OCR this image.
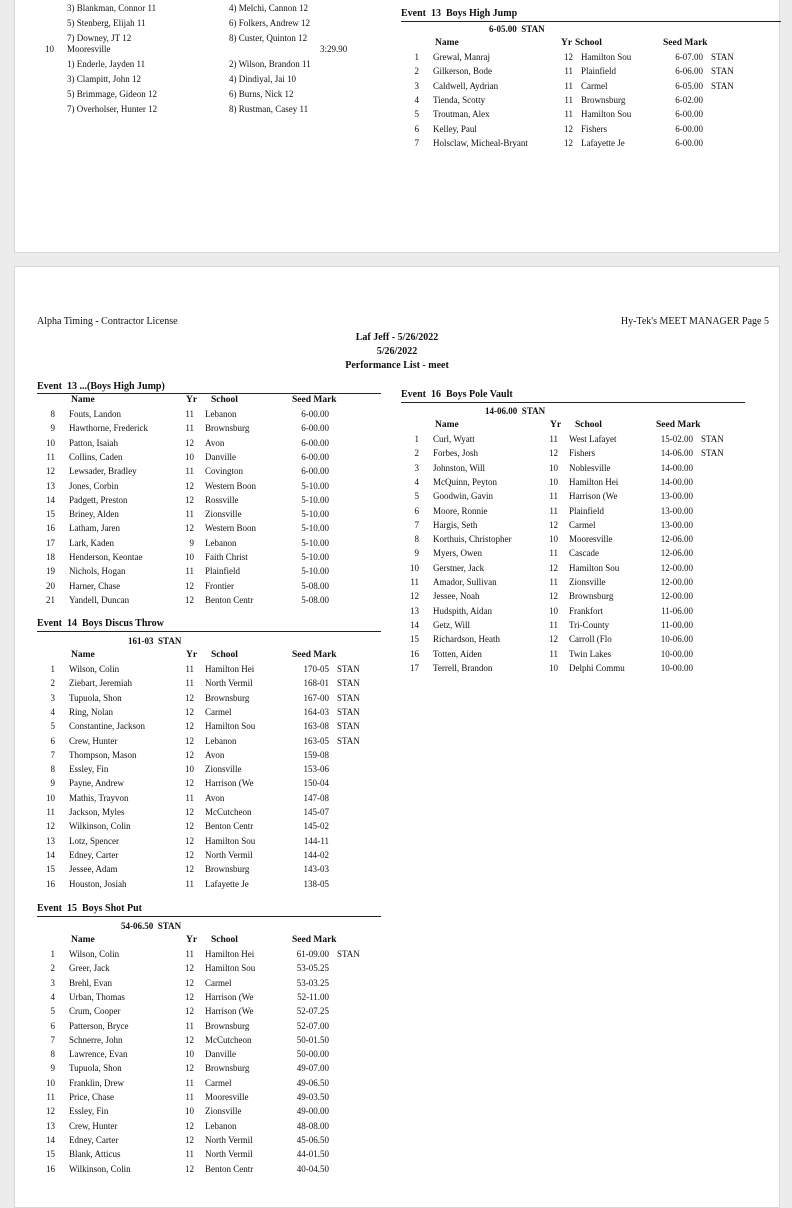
3) Blankman, Connor 11	4) Melchi, Cannon 12
5) Stenberg, Elijah 11	6) Folkers, Andrew 12
7) Downey, JT 12	8) Custer, Quinton 12
10 Mooresville	3:29.90
1) Enderle, Jayden 11	2) Wilson, Brandon 11
3) Clampitt, John 12	4) Dindiyal, Jai 10
5) Brimmage, Gideon 12	6) Burns, Nick 12
7) Overholser, Hunter 12	8) Rustman, Casey 11
Event  13 Boys High Jump
6-05.00 STAN
Name	Yr School	Seed Mark
1 Grewal, Manraj	12 Hamilton Sou	6-07.00 STAN
2 Gilkerson, Bode	11 Plainfield	6-06.00 STAN
3 Caldwell, Aydrian	11 Carmel	6-05.00 STAN
4 Tienda, Scotty	11 Brownsburg	6-02.00
5 Troutman, Alex	11 Hamilton Sou	6-00.00
6 Kelley, Paul	12 Fishers	6-00.00
7 Holsclaw, Micheal-Bryant	12 Lafayette Je	6-00.00
Alpha Timing - Contractor License	Hy-Tek's MEET MANAGER Page 5
Laf Jeff - 5/26/2022
5/26/2022
Performance List - meet
Event  13 ...(Boys High Jump)
Name	Yr School	Seed Mark
8 Fouts, Landon	11 Lebanon	6-00.00
9 Hawthorne, Frederick	11 Brownsburg	6-00.00
10 Patton, Isaiah	12 Avon	6-00.00
11 Collins, Caden	10 Danville	6-00.00
12 Lewsader, Bradley	11 Covington	6-00.00
13 Jones, Corbin	12 Western Boon	5-10.00
14 Padgett, Preston	12 Rossville	5-10.00
15 Briney, Alden	11 Zionsville	5-10.00
16 Latham, Jaren	12 Western Boon	5-10.00
17 Lark, Kaden	9 Lebanon	5-10.00
18 Henderson, Keontae	10 Faith Christ	5-10.00
19 Nichols, Hogan	11 Plainfield	5-10.00
20 Harner, Chase	12 Frontier	5-08.00
21 Yandell, Duncan	12 Benton Centr	5-08.00
Event  14 Boys Discus Throw
161-03 STAN
Name	Yr School	Seed Mark
1 Wilson, Colin	11 Hamilton Hei	170-05 STAN
2 Ziebart, Jeremiah	11 North Vermil	168-01 STAN
3 Tupuola, Shon	12 Brownsburg	167-00 STAN
4 Ring, Nolan	12 Carmel	164-03 STAN
5 Constantine, Jackson	12 Hamilton Sou	163-08 STAN
6 Crew, Hunter	12 Lebanon	163-05 STAN
7 Thompson, Mason	12 Avon	159-08
8 Essley, Fin	10 Zionsville	153-06
9 Payne, Andrew	12 Harrison (We	150-04
10 Mathis, Trayvon	11 Avon	147-08
11 Jackson, Myles	12 McCutcheon	145-07
12 Wilkinson, Colin	12 Benton Centr	145-02
13 Lotz, Spencer	12 Hamilton Sou	144-11
14 Edney, Carter	12 North Vermil	144-02
15 Jessee, Adam	12 Brownsburg	143-03
16 Houston, Josiah	11 Lafayette Je	138-05
Event  15 Boys Shot Put
54-06.50 STAN
Name	Yr School	Seed Mark
1 Wilson, Colin	11 Hamilton Hei	61-09.00 STAN
2 Greer, Jack	12 Hamilton Sou	53-05.25
3 Brehl, Evan	12 Carmel	53-03.25
4 Urban, Thomas	12 Harrison (We	52-11.00
5 Crum, Cooper	12 Harrison (We	52-07.25
6 Patterson, Bryce	11 Brownsburg	52-07.00
7 Schnerre, John	12 McCutcheon	50-01.50
8 Lawrence, Evan	10 Danville	50-00.00
9 Tupuola, Shon	12 Brownsburg	49-07.00
10 Franklin, Drew	11 Carmel	49-06.50
11 Price, Chase	11 Mooresville	49-03.50
12 Essley, Fin	10 Zionsville	49-00.00
13 Crew, Hunter	12 Lebanon	48-08.00
14 Edney, Carter	12 North Vermil	45-06.50
15 Blank, Atticus	11 North Vermil	44-01.50
16 Wilkinson, Colin	12 Benton Centr	40-04.50
Event  16 Boys Pole Vault
14-06.00 STAN
Name	Yr School	Seed Mark
1 Curl, Wyatt	11 West Lafayet	15-02.00 STAN
2 Forbes, Josh	12 Fishers	14-06.00 STAN
3 Johnston, Will	10 Noblesville	14-00.00
4 McQuinn, Peyton	10 Hamilton Hei	14-00.00
5 Goodwin, Gavin	11 Harrison (We	13-00.00
6 Moore, Ronnie	11 Plainfield	13-00.00
7 Hargis, Seth	12 Carmel	13-00.00
8 Korthuis, Christopher	10 Mooresville	12-06.00
9 Myers, Owen	11 Cascade	12-06.00
10 Gerstner, Jack	12 Hamilton Sou	12-00.00
11 Amador, Sullivan	11 Zionsville	12-00.00
12 Jessee, Noah	12 Brownsburg	12-00.00
13 Hudspith, Aidan	10 Frankfort	11-06.00
14 Getz, Will	11 Tri-County	11-00.00
15 Richardson, Heath	12 Carroll (Flo	10-06.00
16 Totten, Aiden	11 Twin Lakes	10-00.00
17 Terrell, Brandon	10 Delphi Commu	10-00.00
